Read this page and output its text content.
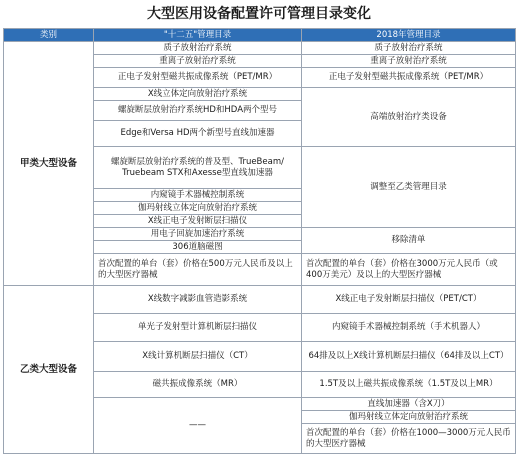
大型医用设备配置许可管理目录变化
类别	"十二五"管理目录	2018年管理目录
甲类大型设备	质子放射治疗系统	质子放射治疗系统
	重离子放射治疗系统	重离子放射治疗系统
	正电子发射型磁共振成像系统（PET/MR）	正电子发射型磁共振成像系统（PET/MR）
	X线立体定向放射治疗系统	高端放射治疗类设备
	螺旋断层放射治疗系统HD和HDA两个型号	
	Edge和Versa HD两个新型号直线加速器	
	螺旋断层放射治疗系统的普及型、TrueBeam/ Truebeam STX和Axesse型直线加速器	调整至乙类管理目录
	内窥镜手术器械控制系统	
	伽玛射线立体定向放射治疗系统	
	X线正电子发射断层扫描仪	
	用电子回旋加速治疗系统	移除清单
	306道脑磁图	
	首次配置的单台（套）价格在500万元人民币及以上的大型医疗器械	首次配置的单台（套）价格在3000万元人民币（或400万美元）及以上的大型医疗器械
乙类大型设备	X线数字减影血管造影系统	X线正电子发射断层扫描仪（PET/CT）
	单光子发射型计算机断层扫描仪	内窥镜手术器械控制系统（手术机器人）
	X线计算机断层扫描仪（CT）	64排及以上X线计算机断层扫描仪（64排及以上CT）
	磁共振成像系统（MR）	1.5T及以上磁共振成像系统（1.5T及以上MR）
	——	直线加速器（含X刀）
		伽玛射线立体定向放射治疗系统
		首次配置的单台（套）价格在1000—3000万元人民币的大型医疗器械
